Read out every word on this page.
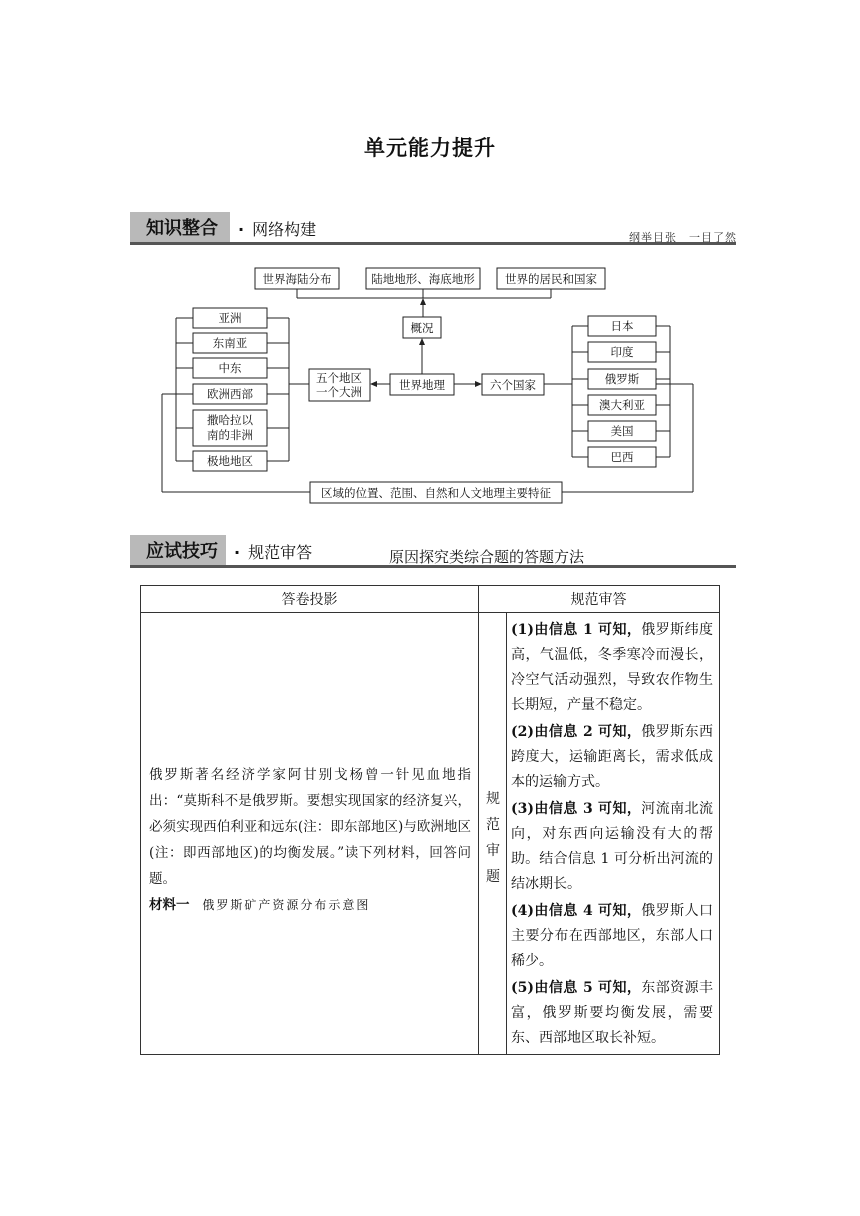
单元能力提升
知识整合	· 网络构建	纲举目张　一目了然
世界海陆分布	陆地地形、海底地形	世界的居民和国家
概况
世界地理
五个地区
一个大洲	六个国家
亚洲
东南亚
中东
欧洲西部
撒哈拉以
南的非洲
极地地区
日本
印度
俄罗斯
澳大利亚
美国
巴西
区域的位置、范围、自然和人文地理主要特征
应试技巧	· 规范审答	原因探究类综合题的答题方法
答卷投影	规范审答
俄罗斯著名经济学家阿甘别戈杨曾一针见血地指出：“莫斯科不是俄罗斯。要想实现国家的经济复兴，必须实现西伯利亚和远东(注：即东部地区)与欧洲地区(注：即西部地区)的均衡发展。”读下列材料，回答问题。
材料一 俄罗斯矿产资源分布示意图
规
范
审
题

(1)由信息 1 可知，俄罗斯纬度高，气温低，冬季寒冷而漫长，冷空气活动强烈，导致农作物生长期短，产量不稳定。

(2)由信息 2 可知，俄罗斯东西跨度大，运输距离长，需求低成本的运输方式。

(3)由信息 3 可知，河流南北流向，对东西向运输没有大的帮助。结合信息 1 可分析出河流的结冰期长。

(4)由信息 4 可知，俄罗斯人口主要分布在西部地区，东部人口稀少。

(5)由信息 5 可知，东部资源丰富，俄罗斯要均衡发展，需要东、西部地区取长补短。
